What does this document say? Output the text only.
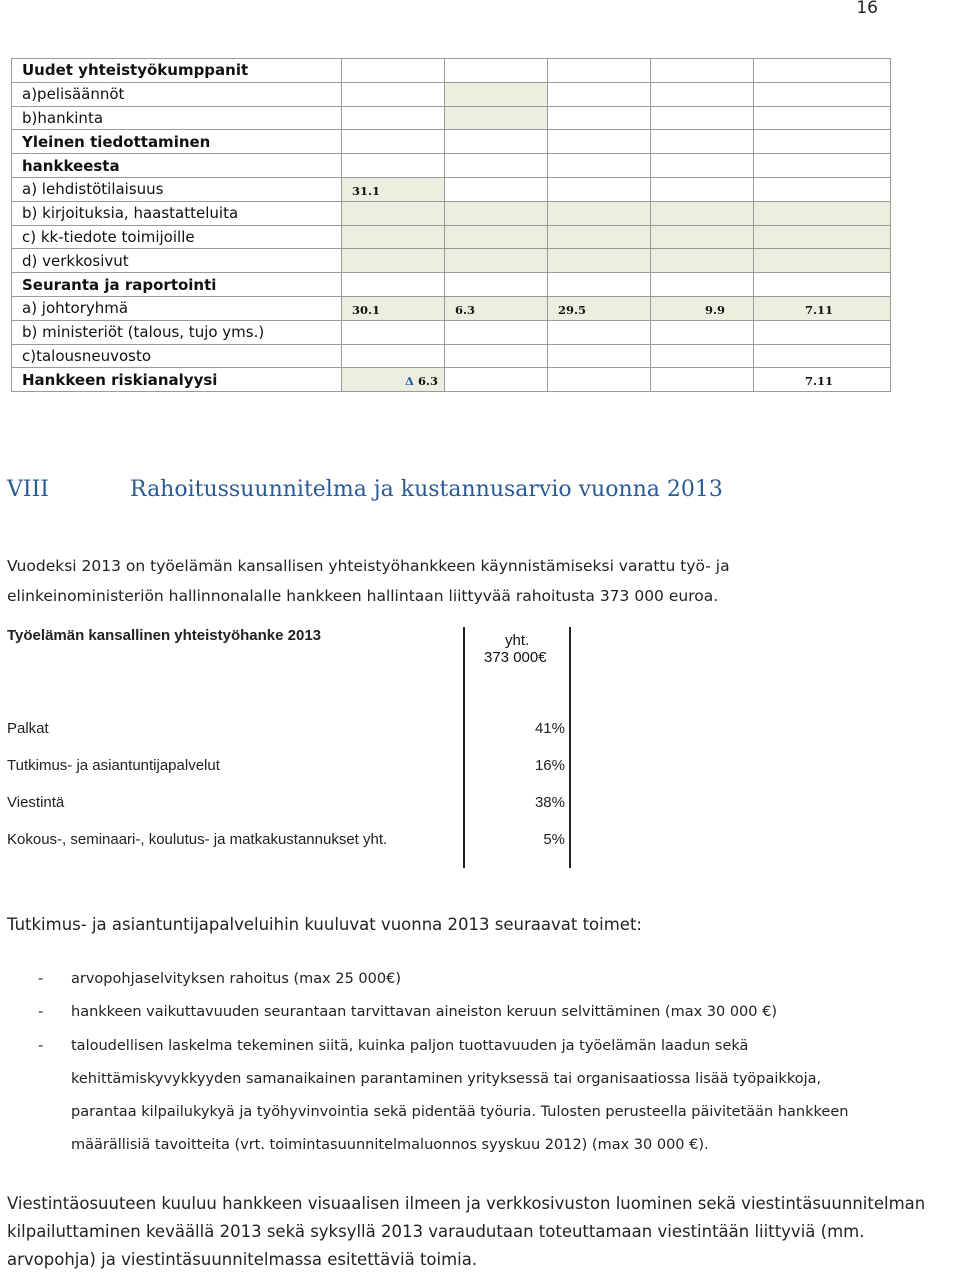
16
Uudet yhteistyökumppanit					
a)pelisäännöt					
b)hankinta					
Yleinen tiedottaminen					
hankkeesta					
a) lehdistötilaisuus	31.1				

b) kirjoituksia, haastatteluita					
c) kk-tiedote toimijoille					
d) verkkosivut					
Seuranta ja raportointi					
a) johtoryhmä	30.1	6.3	29.5	9.9	7.11

b) ministeriöt (talous, tujo yms.)					
c)talousneuvosto					
Hankkeen riskianalyysi	Δ 6.3				7.11
VIII	Rahoitussuunnitelma ja kustannusarvio vuonna 2013
Vuodeksi 2013 on työelämän kansallisen yhteistyöhankkeen käynnistämiseksi varattu työ- ja
elinkeinoministeriön hallinnonalalle hankkeen hallintaan liittyvää rahoitusta 373 000 euroa.
Työelämän kansallinen yhteistyöhanke 2013	yht.
373 000€
Palkat	41%
Tutkimus- ja asiantuntijapalvelut	16%
Viestintä	38%
Kokous-, seminaari-, koulutus- ja matkakustannukset yht.	5%
Tutkimus- ja asiantuntijapalveluihin kuuluvat vuonna 2013 seuraavat toimet:
- arvopohjaselvityksen rahoitus (max 25 000€)
- hankkeen vaikuttavuuden seurantaan tarvittavan aineiston keruun selvittäminen (max 30 000 €)
- taloudellisen laskelma tekeminen siitä, kuinka paljon tuottavuuden ja työelämän laadun sekä
kehittämiskyvykkyyden samanaikainen parantaminen yrityksessä tai organisaatiossa lisää työpaikkoja,
parantaa kilpailukykyä ja työhyvinvointia sekä pidentää työuria. Tulosten perusteella päivitetään hankkeen
määrällisiä tavoitteita (vrt. toimintasuunnitelmaluonnos syyskuu 2012) (max 30 000 €).
Viestintäosuuteen kuuluu hankkeen visuaalisen ilmeen ja verkkosivuston luominen sekä viestintäsuunnitelman kilpailuttaminen keväällä 2013 sekä syksyllä 2013 varaudutaan toteuttamaan viestintään liittyviä (mm. arvopohja) ja viestintäsuunnitelmassa esitettäviä toimia.
